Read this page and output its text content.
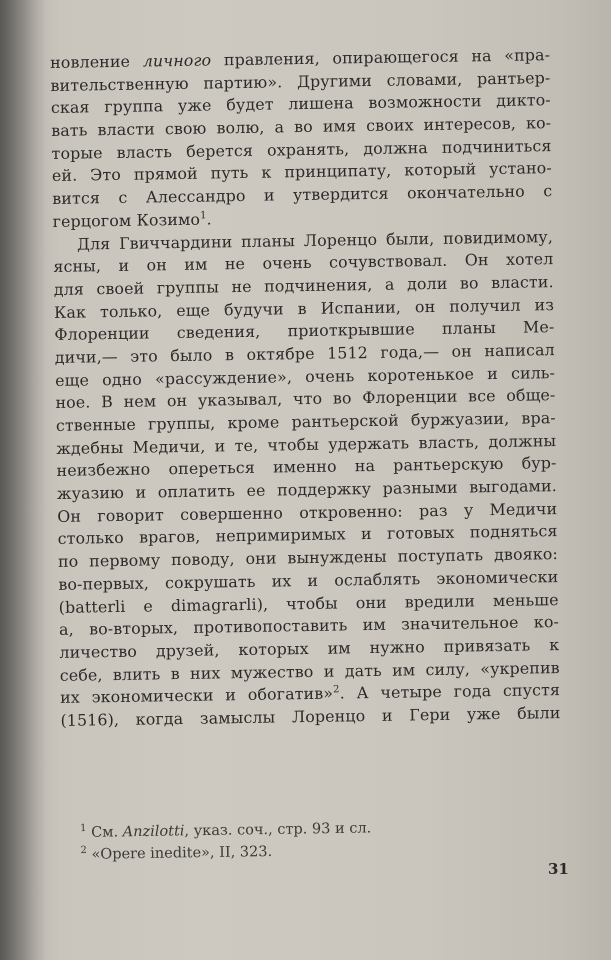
новление личного правления, опирающегося на «пра-
вительственную партию». Другими словами, рантьер-
ская группа уже будет лишена возможности дикто-
вать власти свою волю, а во имя своих интересов, ко-
торые власть берется охранять, должна подчиниться
ей. Это прямой путь к принципату, который устано-
вится с Алессандро и утвердится окончательно с
герцогом Козимо$^1$.
Для Гвиччардини планы Лоренцо были, повидимому,
ясны, и он им не очень сочувствовал. Он хотел
для своей группы не подчинения, а доли во власти.
Как только, еще будучи в Испании, он получил из
Флоренции сведения, приоткрывшие планы Ме-
дичи,— это было в октябре 1512 года,— он написал
еще одно «рассуждение», очень коротенькое и силь-
ное. В нем он указывал, что во Флоренции все обще-
ственные группы, кроме рантьерской буржуазии, вра-
ждебны Медичи, и те, чтобы удержать власть, должны
неизбежно опереться именно на рантьерскую бур-
жуазию и оплатить ее поддержку разными выгодами.
Он говорит совершенно откровенно: раз у Медичи
столько врагов, непримиримых и готовых подняться
по первому поводу, они вынуждены поступать двояко:
во-первых, сокрушать их и ослаблять экономически
(batterli e dimagrarli), чтобы они вредили меньше
а, во-вторых, противопоставить им значительное ко-
личество друзей, которых им нужно привязать к
себе, влить в них мужество и дать им силу, «укрепив
их экономически и обогатив»$^2$. А четыре года спустя
(1516), когда замыслы Лоренцо и Гери уже были
$^1$ См. Anzilotti, указ. соч., стр. 93 и сл.
$^2$ «Opere inedite», II, 323.
31
